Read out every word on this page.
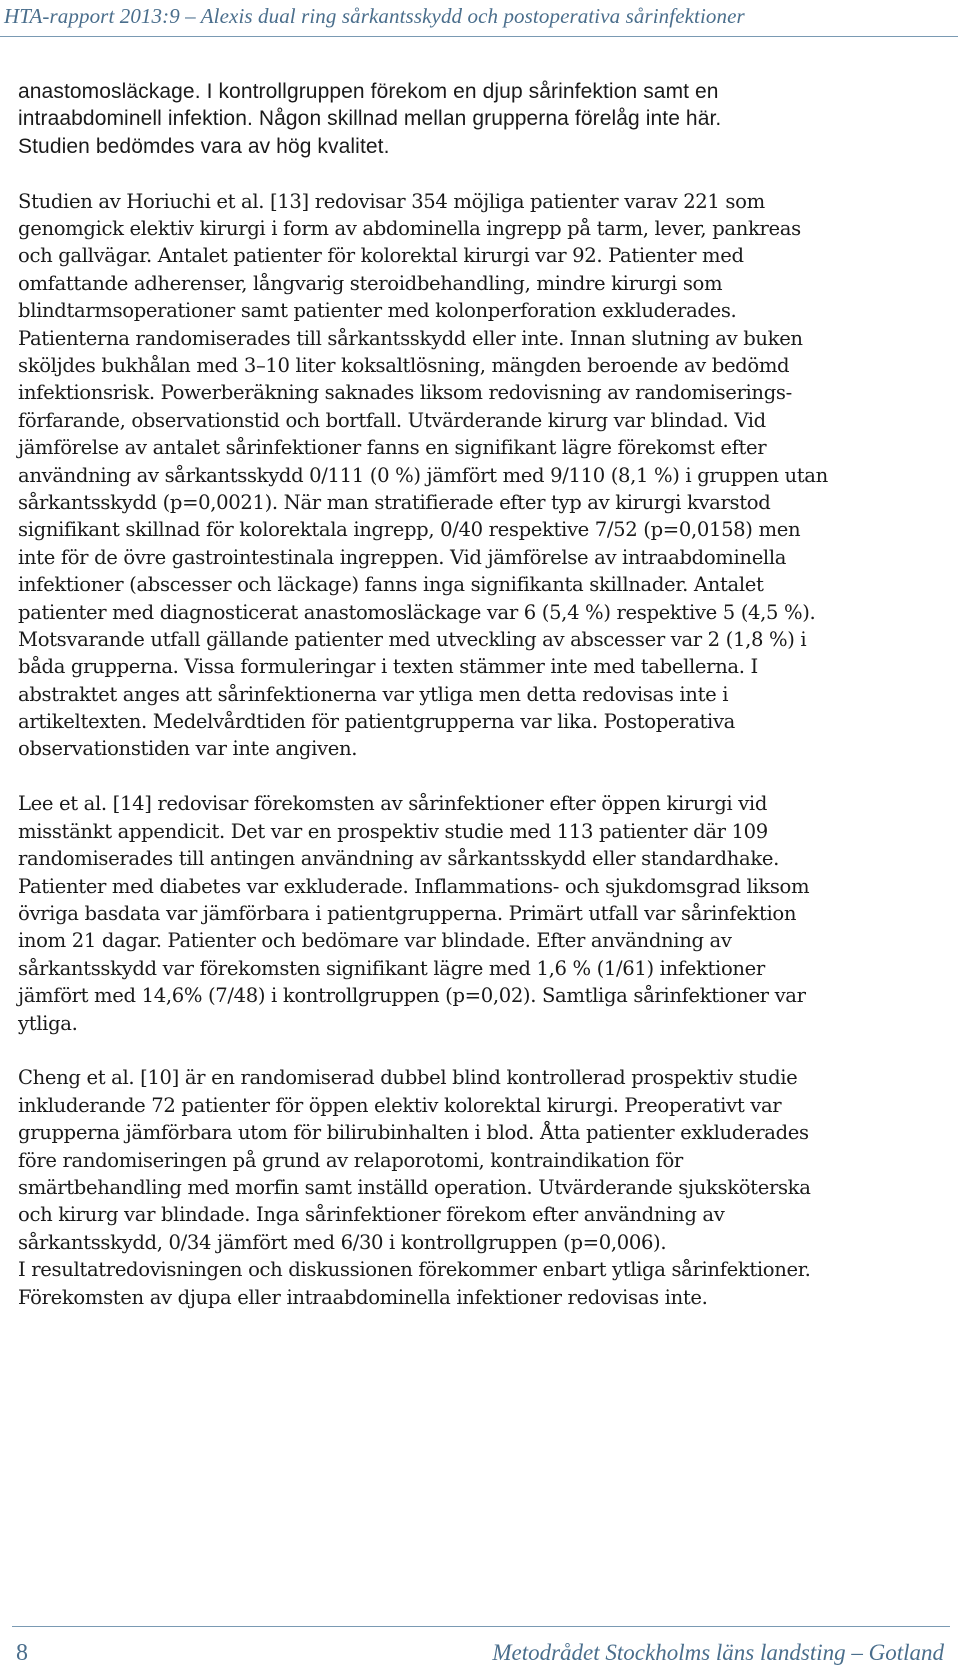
HTA-rapport 2013:9 – Alexis dual ring sårkantsskydd och postoperativa sårinfektioner

anastomosläckage. I kontrollgruppen förekom en djup sårinfektion samt en
intraabdominell infektion. Någon skillnad mellan grupperna förelåg inte här.
Studien bedömdes vara av hög kvalitet.

Studien av Horiuchi et al. [13] redovisar 354 möjliga patienter varav 221 som
genomgick elektiv kirurgi i form av abdominella ingrepp på tarm, lever, pankreas
och gallvägar. Antalet patienter för kolorektal kirurgi var 92. Patienter med
omfattande adherenser, långvarig steroidbehandling, mindre kirurgi som
blindtarmsoperationer samt patienter med kolonperforation exkluderades.
Patienterna randomiserades till sårkantsskydd eller inte. Innan slutning av buken
sköljdes bukhålan med 3–10 liter koksaltlösning, mängden beroende av bedömd
infektionsrisk. Powerberäkning saknades liksom redovisning av randomiserings-
förfarande, observationstid och bortfall. Utvärderande kirurg var blindad. Vid
jämförelse av antalet sårinfektioner fanns en signifikant lägre förekomst efter
användning av sårkantsskydd 0/111 (0 %) jämfört med 9/110 (8,1 %) i gruppen utan
sårkantsskydd (p=0,0021). När man stratifierade efter typ av kirurgi kvarstod
signifikant skillnad för kolorektala ingrepp, 0/40 respektive 7/52 (p=0,0158) men
inte för de övre gastrointestinala ingreppen. Vid jämförelse av intraabdominella
infektioner (abscesser och läckage) fanns inga signifikanta skillnader. Antalet
patienter med diagnosticerat anastomosläckage var 6 (5,4 %) respektive 5 (4,5 %).
Motsvarande utfall gällande patienter med utveckling av abscesser var 2 (1,8 %) i
båda grupperna. Vissa formuleringar i texten stämmer inte med tabellerna. I
abstraktet anges att sårinfektionerna var ytliga men detta redovisas inte i
artikeltexten. Medelvårdtiden för patientgrupperna var lika. Postoperativa
observationstiden var inte angiven.

Lee et al. [14] redovisar förekomsten av sårinfektioner efter öppen kirurgi vid
misstänkt appendicit. Det var en prospektiv studie med 113 patienter där 109
randomiserades till antingen användning av sårkantsskydd eller standardhake.
Patienter med diabetes var exkluderade. Inflammations- och sjukdomsgrad liksom
övriga basdata var jämförbara i patientgrupperna. Primärt utfall var sårinfektion
inom 21 dagar. Patienter och bedömare var blindade. Efter användning av
sårkantsskydd var förekomsten signifikant lägre med 1,6 % (1/61) infektioner
jämfört med 14,6% (7/48) i kontrollgruppen (p=0,02). Samtliga sårinfektioner var
ytliga.

Cheng et al. [10] är en randomiserad dubbel blind kontrollerad prospektiv studie
inkluderande 72 patienter för öppen elektiv kolorektal kirurgi. Preoperativt var
grupperna jämförbara utom för bilirubinhalten i blod. Åtta patienter exkluderades
före randomiseringen på grund av relaporotomi, kontraindikation för
smärtbehandling med morfin samt inställd operation. Utvärderande sjuksköterska
och kirurg var blindade. Inga sårinfektioner förekom efter användning av
sårkantsskydd, 0/34 jämfört med 6/30 i kontrollgruppen (p=0,006).
I resultatredovisningen och diskussionen förekommer enbart ytliga sårinfektioner.
Förekomsten av djupa eller intraabdominella infektioner redovisas inte.

8	Metodrådet Stockholms läns landsting – Gotland
